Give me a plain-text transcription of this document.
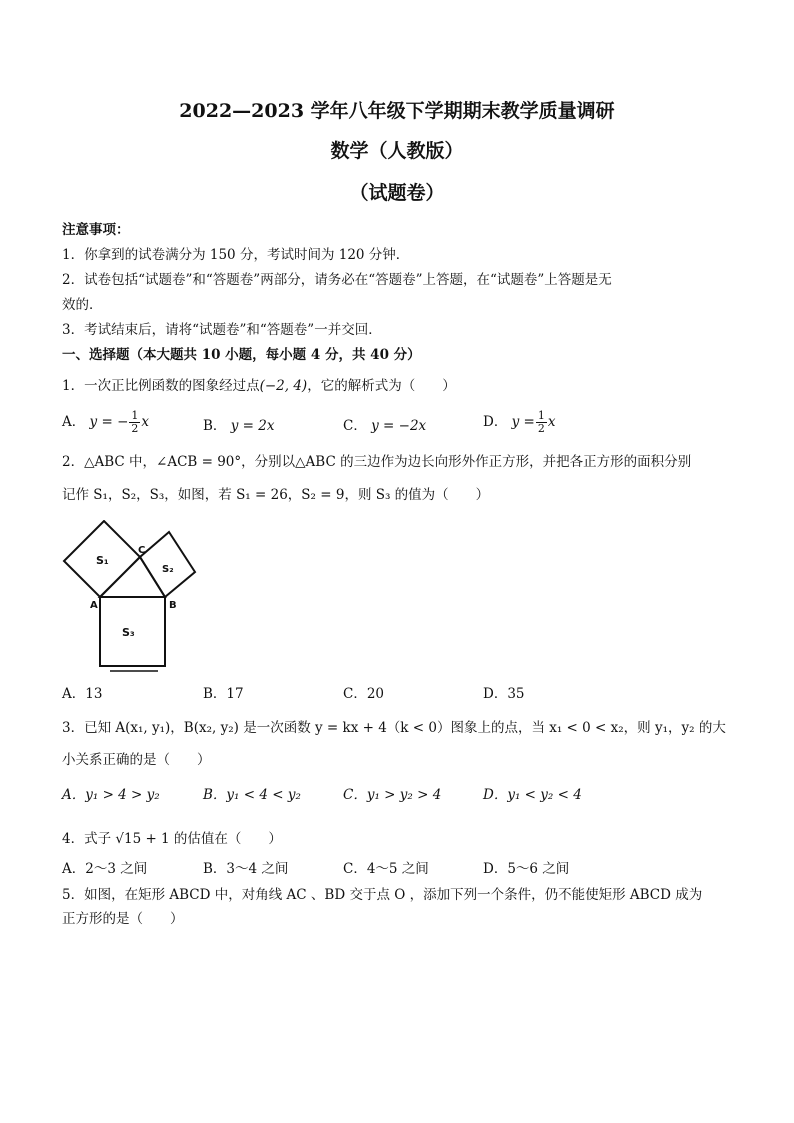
2022—2023 学年八年级下学期期末教学质量调研
数学（人教版）
（试题卷）
注意事项：
1．你拿到的试卷满分为 150 分，考试时间为 120 分钟．
2．试卷包括“试题卷”和“答题卷”两部分，请务必在“答题卷”上答题，在“试题卷”上答题是无
效的．
3．考试结束后，请将“试题卷”和“答题卷”一并交回．
一、选择题（本大题共 10 小题，每小题 4 分，共 40 分）
1．一次正比例函数的图象经过点(−2, 4)，它的解析式为（　　）
A． y = − $\frac{1}{2}$ x	B． y = 2x	C． y = −2x	D． $y = \frac{1}{2}$ x
2．△ABC 中，∠ACB = 90°，分别以△ABC 的三边作为边长向形外作正方形，并把各正方形的面积分别
记作 S₁，S₂，S₃，如图，若 S₁ = 26，S₂ = 9，则 S₃ 的值为（　　）
S₁
S₂
S₃
A	B
C
A．13	B．17	C．20	D．35
3．已知 A(x₁, y₁)，B(x₂, y₂) 是一次函数 y = kx + 4（k < 0）图象上的点，当 x₁ < 0 < x₂，则 y₁，y₂ 的大
小关系正确的是（　　）
A．y₁ > 4 > y₂	B．y₁ < 4 < y₂	C．y₁ > y₂ > 4	D．y₁ < y₂ < 4
4．式子 √15 + 1 的估值在（　　）
A．2～3 之间	B．3～4 之间	C．4～5 之间	D．5～6 之间
5．如图，在矩形 ABCD 中，对角线 AC 、BD 交于点 O ，添加下列一个条件，仍不能使矩形 ABCD 成为
正方形的是（　　）
